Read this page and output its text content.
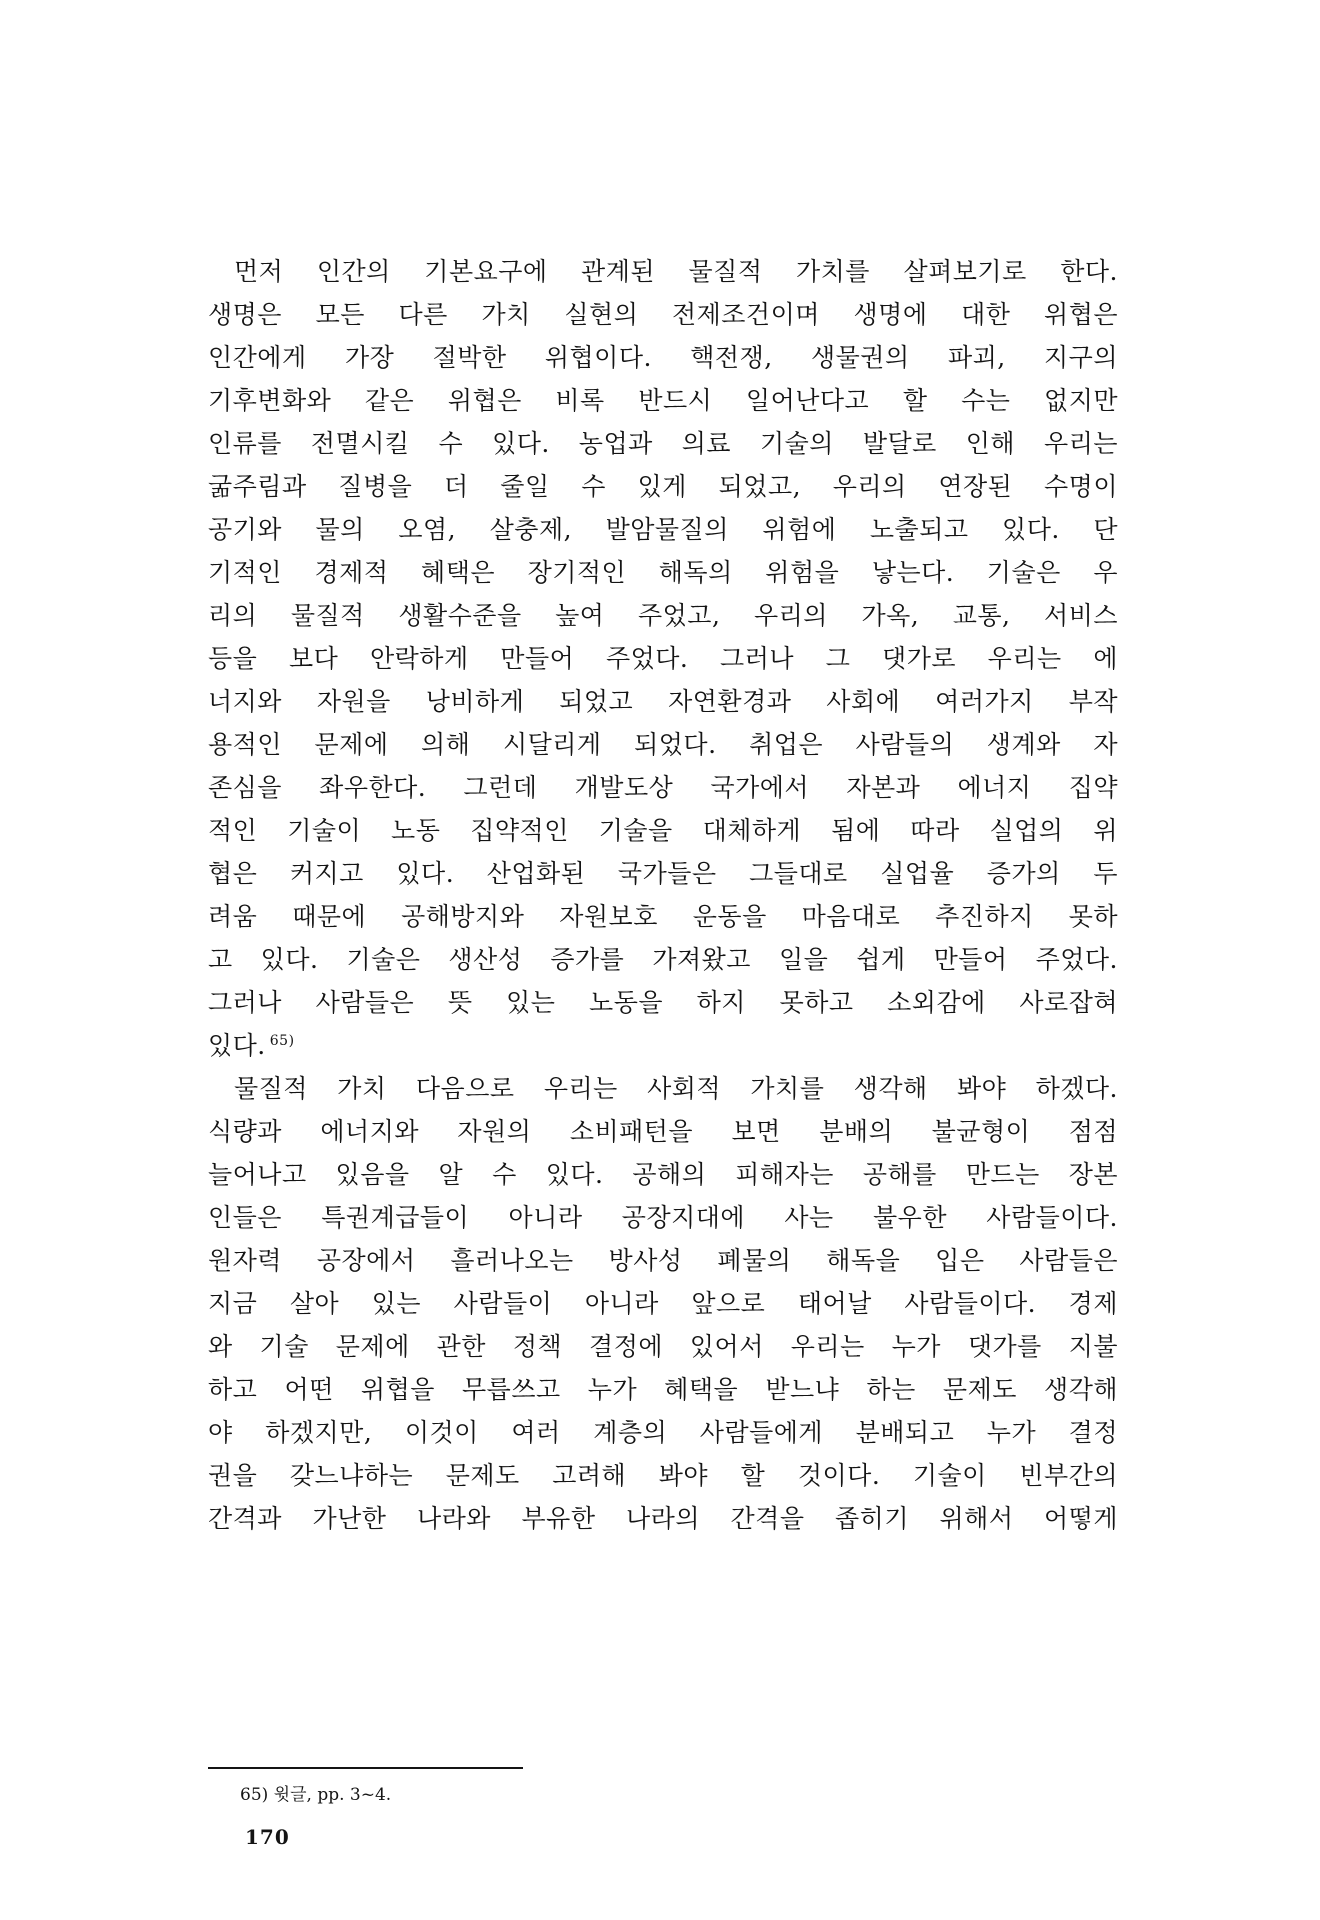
먼저 인간의 기본요구에 관계된 물질적 가치를 살펴보기로 한다.
생명은 모든 다른 가치 실현의 전제조건이며 생명에 대한 위협은
인간에게 가장 절박한 위협이다. 핵전쟁, 생물권의 파괴, 지구의
기후변화와 같은 위협은 비록 반드시 일어난다고 할 수는 없지만
인류를 전멸시킬 수 있다. 농업과 의료 기술의 발달로 인해 우리는
굶주림과 질병을 더 줄일 수 있게 되었고, 우리의 연장된 수명이
공기와 물의 오염, 살충제, 발암물질의 위험에 노출되고 있다. 단
기적인 경제적 혜택은 장기적인 해독의 위험을 낳는다. 기술은 우
리의 물질적 생활수준을 높여 주었고, 우리의 가옥, 교통, 서비스
등을 보다 안락하게 만들어 주었다. 그러나 그 댓가로 우리는 에
너지와 자원을 낭비하게 되었고 자연환경과 사회에 여러가지 부작
용적인 문제에 의해 시달리게 되었다. 취업은 사람들의 생계와 자
존심을 좌우한다. 그런데 개발도상 국가에서 자본과 에너지 집약
적인 기술이 노동 집약적인 기술을 대체하게 됨에 따라 실업의 위
협은 커지고 있다. 산업화된 국가들은 그들대로 실업율 증가의 두
려움 때문에 공해방지와 자원보호 운동을 마음대로 추진하지 못하
고 있다. 기술은 생산성 증가를 가져왔고 일을 쉽게 만들어 주었다.
그러나 사람들은 뜻 있는 노동을 하지 못하고 소외감에 사로잡혀
있다. $^{65)}$
물질적 가치 다음으로 우리는 사회적 가치를 생각해 봐야 하겠다.
식량과 에너지와 자원의 소비패턴을 보면 분배의 불균형이 점점
늘어나고 있음을 알 수 있다. 공해의 피해자는 공해를 만드는 장본
인들은 특권계급들이 아니라 공장지대에 사는 불우한 사람들이다.
원자력 공장에서 흘러나오는 방사성 폐물의 해독을 입은 사람들은
지금 살아 있는 사람들이 아니라 앞으로 태어날 사람들이다. 경제
와 기술 문제에 관한 정책 결정에 있어서 우리는 누가 댓가를 지불
하고 어떤 위협을 무릅쓰고 누가 혜택을 받느냐 하는 문제도 생각해
야 하겠지만, 이것이 여러 계층의 사람들에게 분배되고 누가 결정
권을 갖느냐하는 문제도 고려해 봐야 할 것이다. 기술이 빈부간의
간격과 가난한 나라와 부유한 나라의 간격을 좁히기 위해서 어떻게
65) 윗글, pp. 3~4.
170
